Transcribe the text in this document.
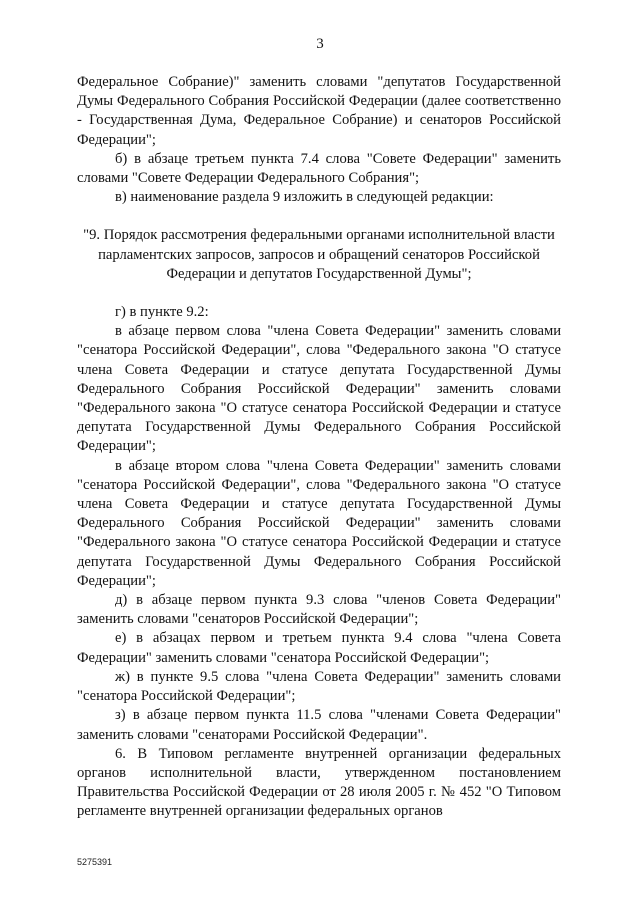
3

Федеральное Собрание)" заменить словами "депутатов Государственной Думы Федерального Собрания Российской Федерации (далее соответственно - Государственная Дума, Федеральное Собрание) и сенаторов Российской Федерации";

б) в абзаце третьем пункта 7.4 слова "Совете Федерации" заменить словами "Совете Федерации Федерального Собрания";

в) наименование раздела 9 изложить в следующей редакции:

"9. Порядок рассмотрения федеральными органами исполнительной власти парламентских запросов, запросов и обращений сенаторов Российской Федерации и депутатов Государственной Думы";

г) в пункте 9.2:

в абзаце первом слова "члена Совета Федерации" заменить словами "сенатора Российской Федерации", слова "Федерального закона "О статусе члена Совета Федерации и статусе депутата Государственной Думы Федерального Собрания Российской Федерации" заменить словами "Федерального закона "О статусе сенатора Российской Федерации и статусе депутата Государственной Думы Федерального Собрания Российской Федерации";

в абзаце втором слова "члена Совета Федерации" заменить словами "сенатора Российской Федерации", слова "Федерального закона "О статусе члена Совета Федерации и статусе депутата Государственной Думы Федерального Собрания Российской Федерации" заменить словами "Федерального закона "О статусе сенатора Российской Федерации и статусе депутата Государственной Думы Федерального Собрания Российской Федерации";

д) в абзаце первом пункта 9.3 слова "членов Совета Федерации" заменить словами "сенаторов Российской Федерации";

е) в абзацах первом и третьем пункта 9.4 слова "члена Совета Федерации" заменить словами "сенатора Российской Федерации";

ж) в пункте 9.5 слова "члена Совета Федерации" заменить словами "сенатора Российской Федерации";

з) в абзаце первом пункта 11.5 слова "членами Совета Федерации" заменить словами "сенаторами Российской Федерации".

6. В Типовом регламенте внутренней организации федеральных органов исполнительной власти, утвержденном постановлением Правительства Российской Федерации от 28 июля 2005 г. № 452 "О Типовом регламенте внутренней организации федеральных органов

5275391
